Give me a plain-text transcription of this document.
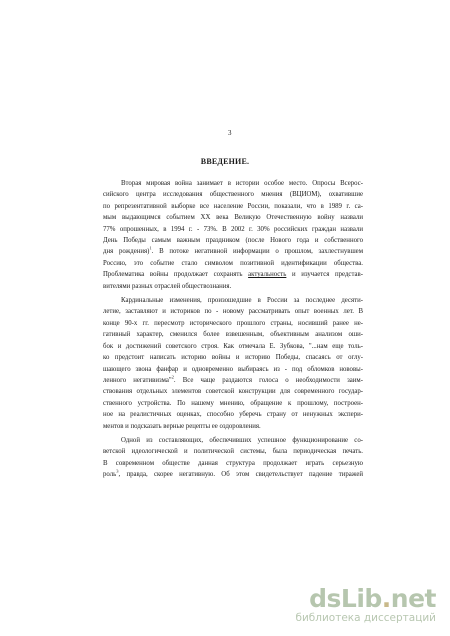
3
ВВЕДЕНИЕ.
Вторая мировая война занимает в истории особое место. Опросы Всерос-
сийского центра исследования общественного мнения (ВЦИОМ), охватившие
по репрезентативной выборке все население России, показали, что в 1989 г. са-
мым выдающимся событием XX века Великую Отечественную войну назвали
77% опрошенных, в 1994 г. - 73%. В 2002 г. 30% российских граждан назвали
День Победы самым важным праздником (после Нового года и собственного
дня рождения)$^1$. В потоке негативной информации о прошлом, захлестнувшем
Россию, это событие стало символом позитивной идентификации общества.
Проблематика войны продолжает сохранять актуальность и изучается представ-
вителями разных отраслей обществознания.
Кардинальные изменения, произошедшие в России за последнее десяти-
летие, заставляют и историков по - новому рассматривать опыт военных лет. В
конце 90-х гг. пересмотр исторического прошлого страны, носивший ранее не-
гативный характер, сменился более взвешенным, объективным анализом оши-
бок и достижений советского строя. Как отмечала Е. Зубкова, "...нам еще толь-
ко предстоит написать историю войны и историю Победы, спасаясь от оглу-
шающего звона фанфар и одновременно выбираясь из - под обломков нововы-
ленного негативизма"$^2$. Все чаще раздаются голоса о необходимости заим-
ствования отдельных элементов советской конструкции для современного государ-
ственного устройства. По нашему мнению, обращение к прошлому, построен-
ное на реалистичных оценках, способно уберечь страну от ненужных экспери-
ментов и подсказать верные рецепты ее оздоровления.
Одной из составляющих, обеспечивших успешное функционирование со-
ветской идеологической и политической системы, была периодическая печать.
В современном обществе данная структура продолжает играть серьезную
роль$^3$, правда, скорее негативную. Об этом свидетельствует падение тиражей
dsLib.net
библиотека диссертаций
